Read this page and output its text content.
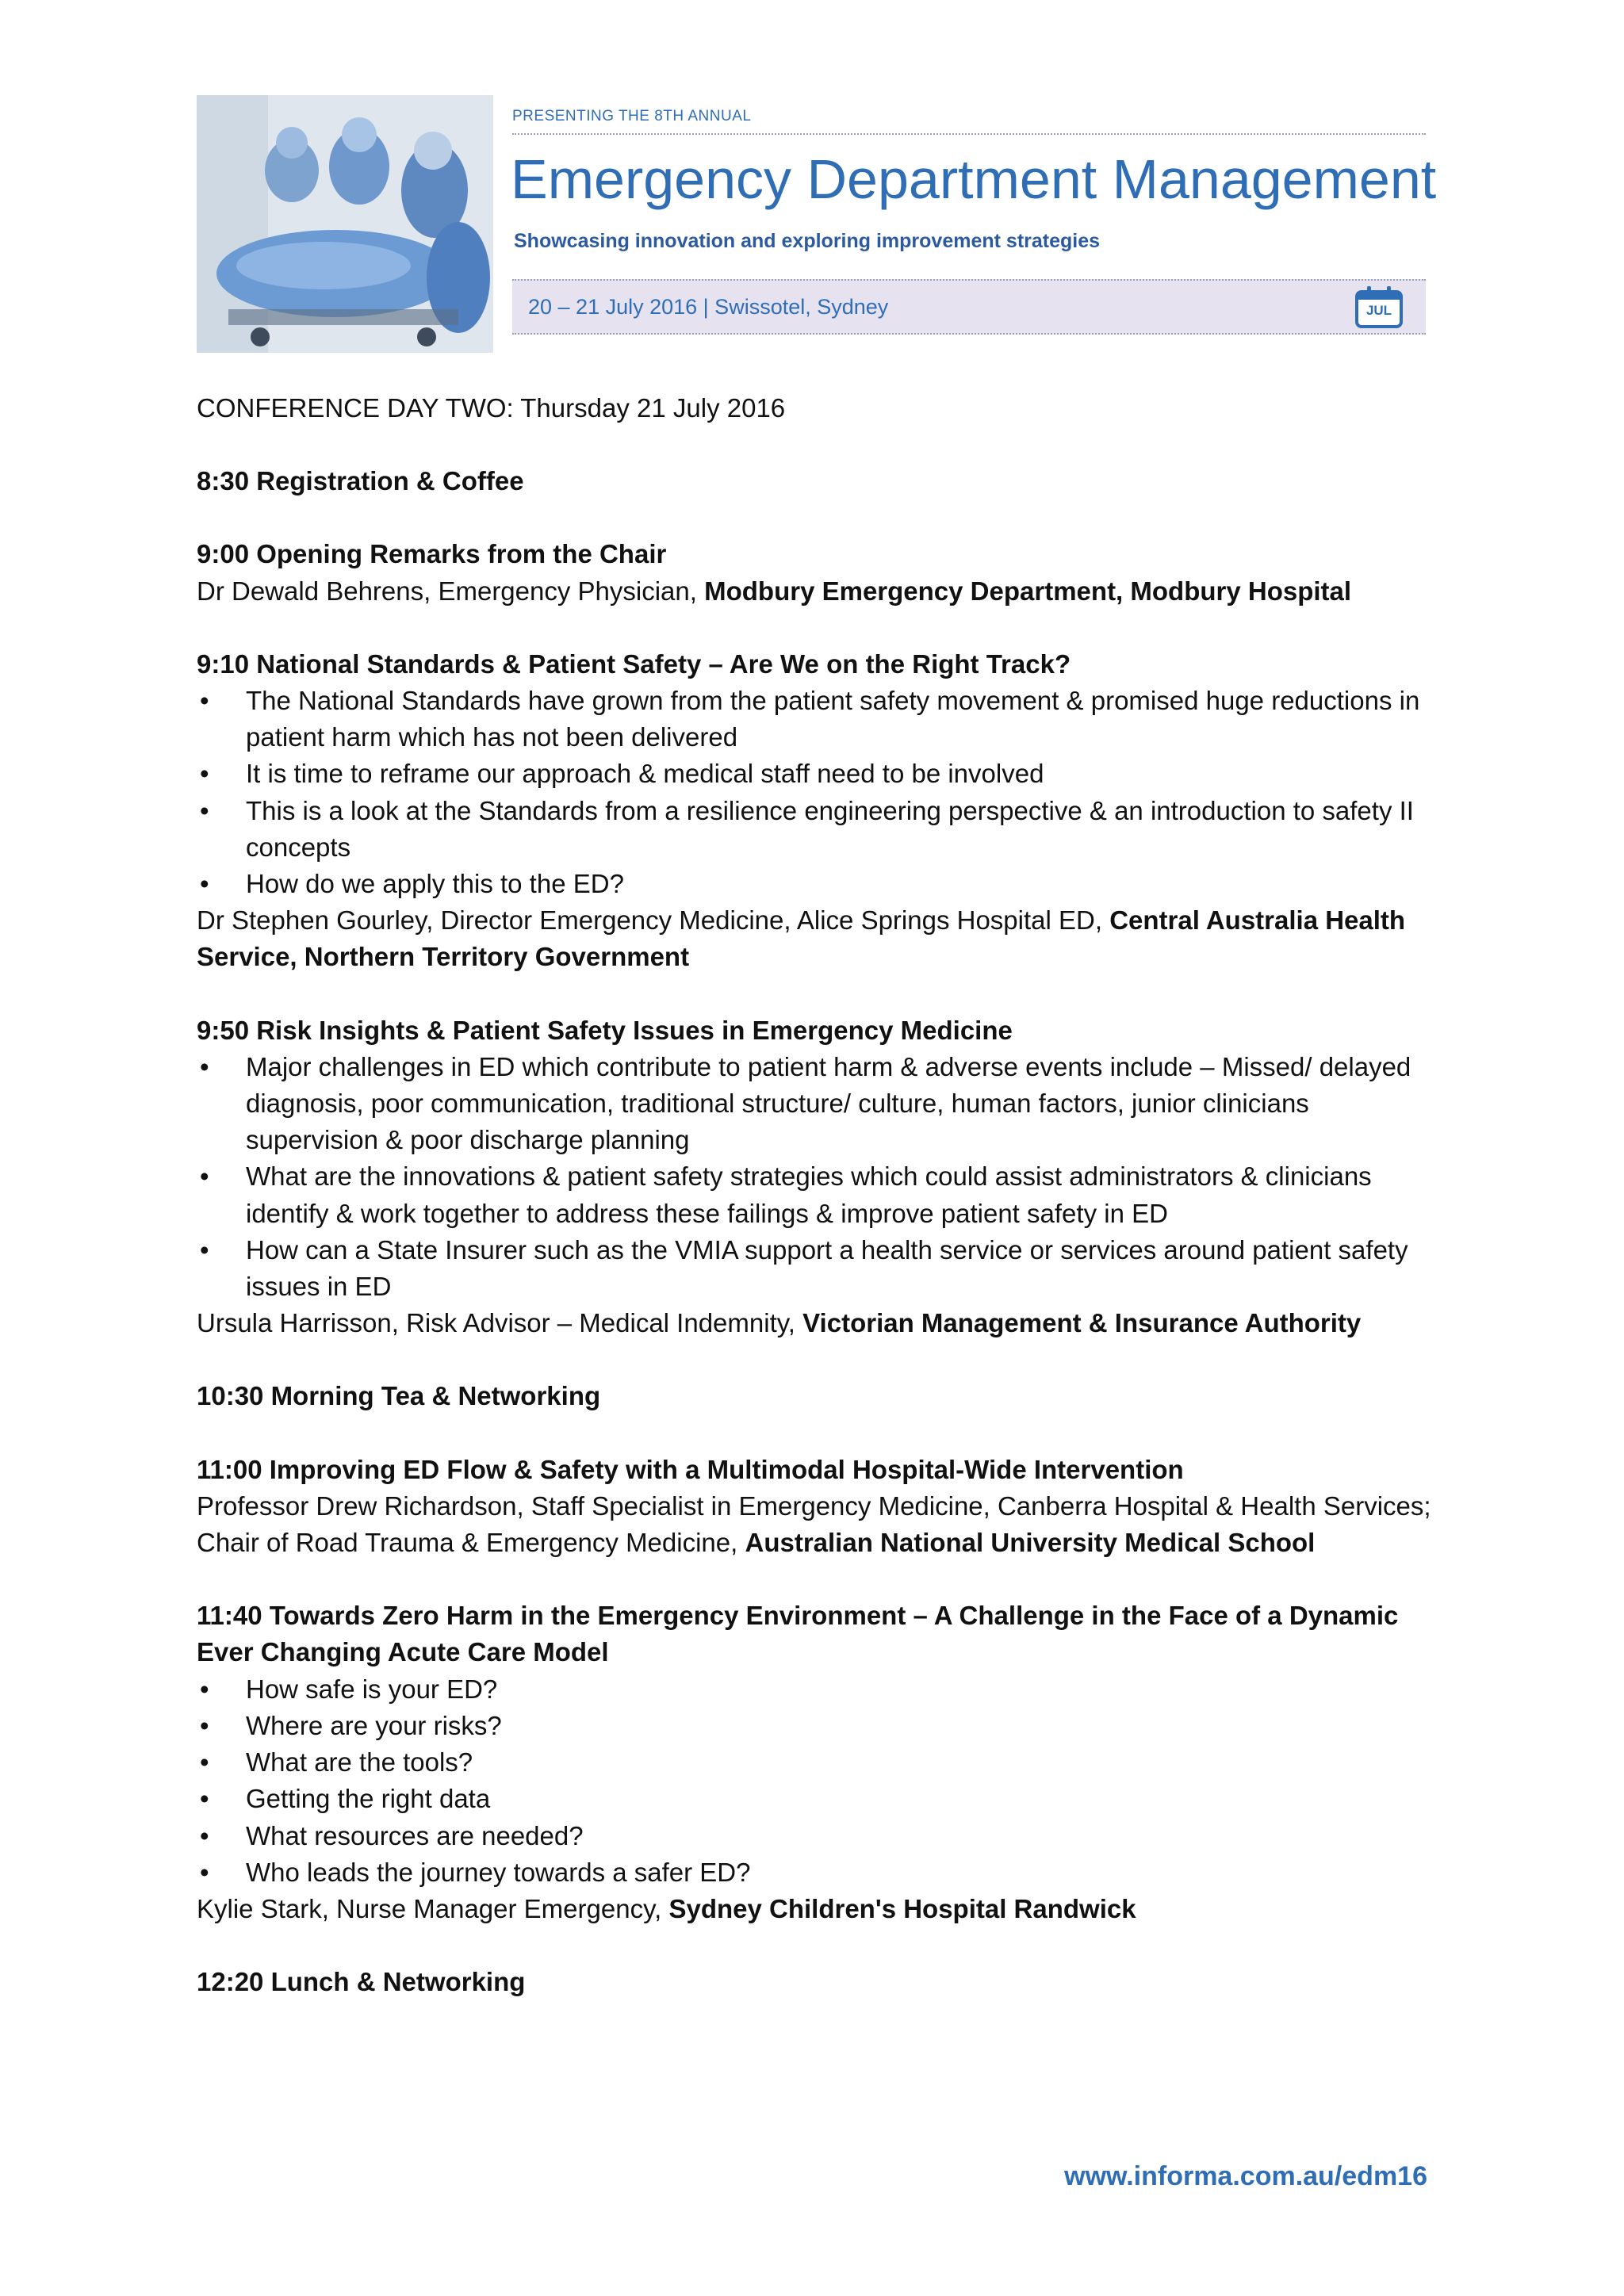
PRESENTING THE 8TH ANNUAL
Emergency Department Management
Showcasing innovation and exploring improvement strategies
20 – 21 July 2016 | Swissotel, Sydney	JUL

CONFERENCE DAY TWO: Thursday 21 July 2016

8:30 Registration & Coffee

9:00 Opening Remarks from the Chair

Dr Dewald Behrens, Emergency Physician, Modbury Emergency Department, Modbury Hospital

9:10 National Standards & Patient Safety – Are We on the Right Track?

• The National Standards have grown from the patient safety movement & promised huge reductions in patient harm which has not been delivered
• It is time to reframe our approach & medical staff need to be involved
• This is a look at the Standards from a resilience engineering perspective & an introduction to safety II concepts
• How do we apply this to the ED?

Dr Stephen Gourley, Director Emergency Medicine, Alice Springs Hospital ED, Central Australia Health Service, Northern Territory Government

9:50 Risk Insights & Patient Safety Issues in Emergency Medicine

• Major challenges in ED which contribute to patient harm & adverse events include – Missed/ delayed diagnosis, poor communication, traditional structure/ culture, human factors, junior clinicians supervision & poor discharge planning
• What are the innovations & patient safety strategies which could assist administrators & clinicians identify & work together to address these failings & improve patient safety in ED
• How can a State Insurer such as the VMIA support a health service or services around patient safety issues in ED

Ursula Harrisson, Risk Advisor – Medical Indemnity, Victorian Management & Insurance Authority

10:30 Morning Tea & Networking

11:00 Improving ED Flow & Safety with a Multimodal Hospital-Wide Intervention

Professor Drew Richardson, Staff Specialist in Emergency Medicine, Canberra Hospital & Health Services; Chair of Road Trauma & Emergency Medicine, Australian National University Medical School

11:40 Towards Zero Harm in the Emergency Environment – A Challenge in the Face of a Dynamic Ever Changing Acute Care Model

• How safe is your ED?
• Where are your risks?
• What are the tools?
• Getting the right data
• What resources are needed?
• Who leads the journey towards a safer ED?

Kylie Stark, Nurse Manager Emergency, Sydney Children's Hospital Randwick

12:20 Lunch & Networking

www.informa.com.au/edm16
